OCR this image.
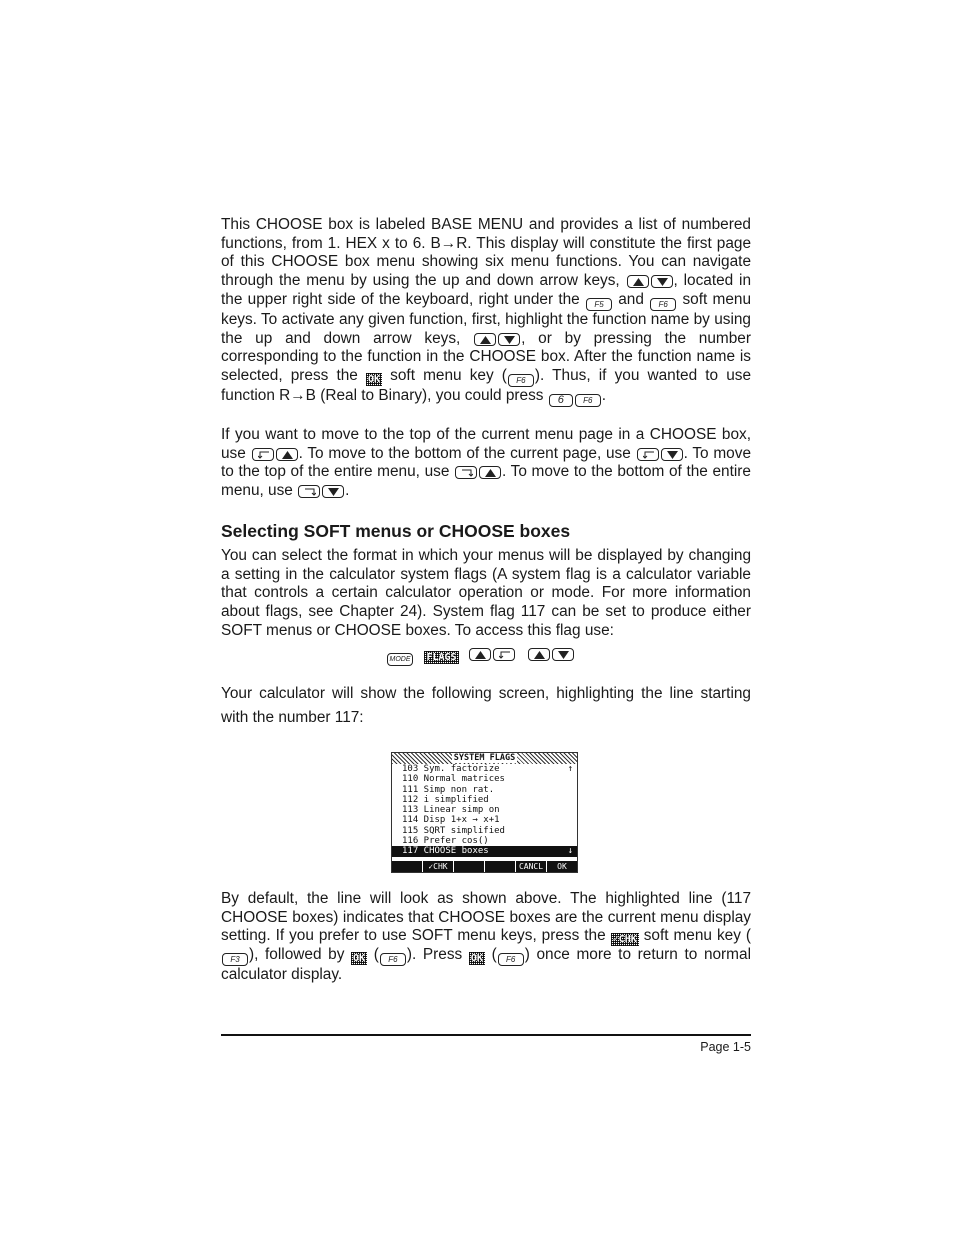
This CHOOSE box is labeled BASE MENU and provides a list of numbered functions, from 1. HEX x to 6. B→R. This display will constitute the first page of this CHOOSE box menu showing six menu functions. You can navigate through the menu by using the up and down arrow keys,	, located in the upper right side of the keyboard, right under the F5 and F6 soft menu keys. To activate any given function, first, highlight the function name by using the up and down arrow keys,	, or by pressing the number corresponding to the function in the CHOOSE box. After the function name is selected, press the OK soft menu key ( F6 ). Thus, if you wanted to use function R→B (Real to Binary), you could press 6 F6 .

If you want to move to the top of the current menu page in a CHOOSE box, use	. To move to the bottom of the current page, use	. To move to the top of the entire menu, use	. To move to the bottom of the entire menu, use	.

Selecting SOFT menus or CHOOSE boxes

You can select the format in which your menus will be displayed by changing a setting in the calculator system flags (A system flag is a calculator variable that controls a certain calculator operation or mode. For more information about flags, see Chapter 24). System flag 117 can be set to produce either SOFT menus or CHOOSE boxes. To access this flag use:

MODE FLAGS

Your calculator will show the following screen, highlighting the line starting with the number 117:

SYSTEM FLAGS
103 Sym. factorize	↑
110 Normal matrices
111 Simp non rat.
112 i simplified
113 Linear simp on
114 Disp 1+x → x+1
115 SQRT simplified
116 Prefer cos()
117 CHOOSE boxes	↓
✓CHK	CANCL	OK

By default, the line will look as shown above. The highlighted line (117 CHOOSE boxes) indicates that CHOOSE boxes are the current menu display setting. If you prefer to use SOFT menu keys, press the ✓CHK soft menu key (F3 ), followed by OK ( F6 ). Press OK ( F6 ) once more to return to normal calculator display.

Page 1-5
